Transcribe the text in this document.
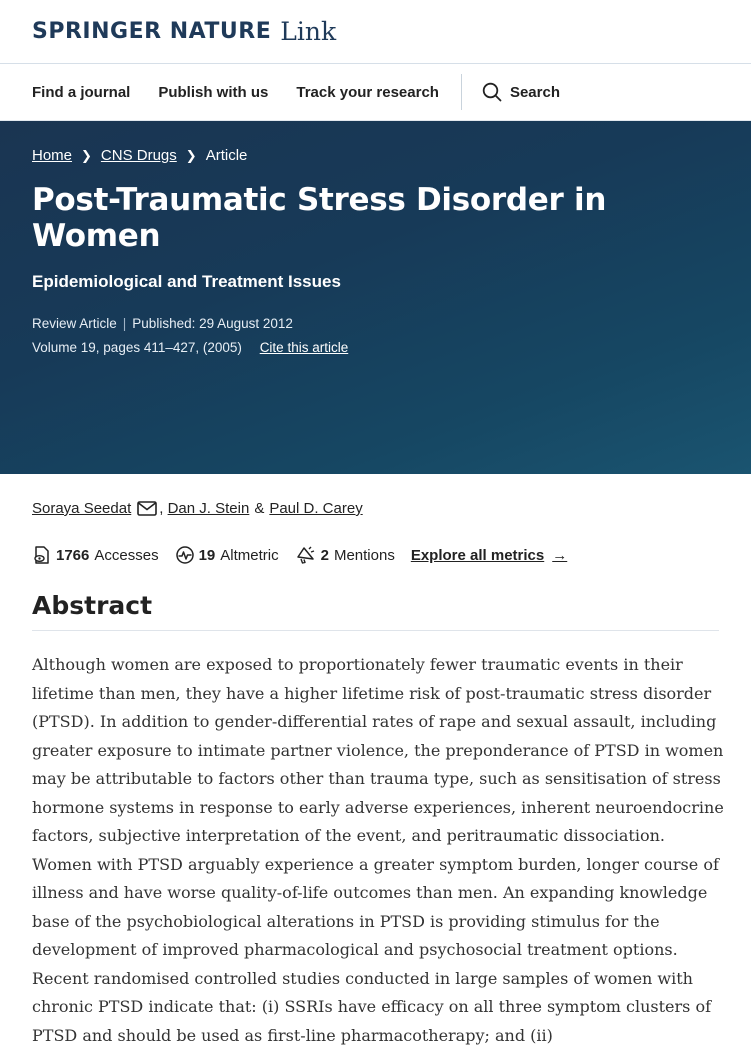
SPRINGER NATURE Link
Find a journal Publish with us Track your research	Search
Home ❯ CNS Drugs ❯ Article
Post-Traumatic Stress Disorder in Women
Epidemiological and Treatment Issues
Review Article | Published: 29 August 2012
Volume 19, pages 411–427, (2005) Cite this article
Soraya Seedat , Dan J. Stein & Paul D. Carey
1766 Accesses	19 Altmetric	2 Mentions Explore all metrics →
Abstract

Although women are exposed to proportionately fewer traumatic events in their lifetime than men, they have a higher lifetime risk of post-traumatic stress disorder (PTSD). In addition to gender-differential rates of rape and sexual assault, including greater exposure to intimate partner violence, the preponderance of PTSD in women may be attributable to factors other than trauma type, such as sensitisation of stress hormone systems in response to early adverse experiences, inherent neuroendocrine factors, subjective interpretation of the event, and peritraumatic dissociation. Women with PTSD arguably experience a greater symptom burden, longer course of illness and have worse quality-of-life outcomes than men. An expanding knowledge base of the psychobiological alterations in PTSD is providing stimulus for the development of improved pharmacological and psychosocial treatment options. Recent randomised controlled studies conducted in large samples of women with chronic PTSD indicate that: (i) SSRIs have efficacy on all three symptom clusters of PTSD and should be used as first-line pharmacotherapy; and (ii)
